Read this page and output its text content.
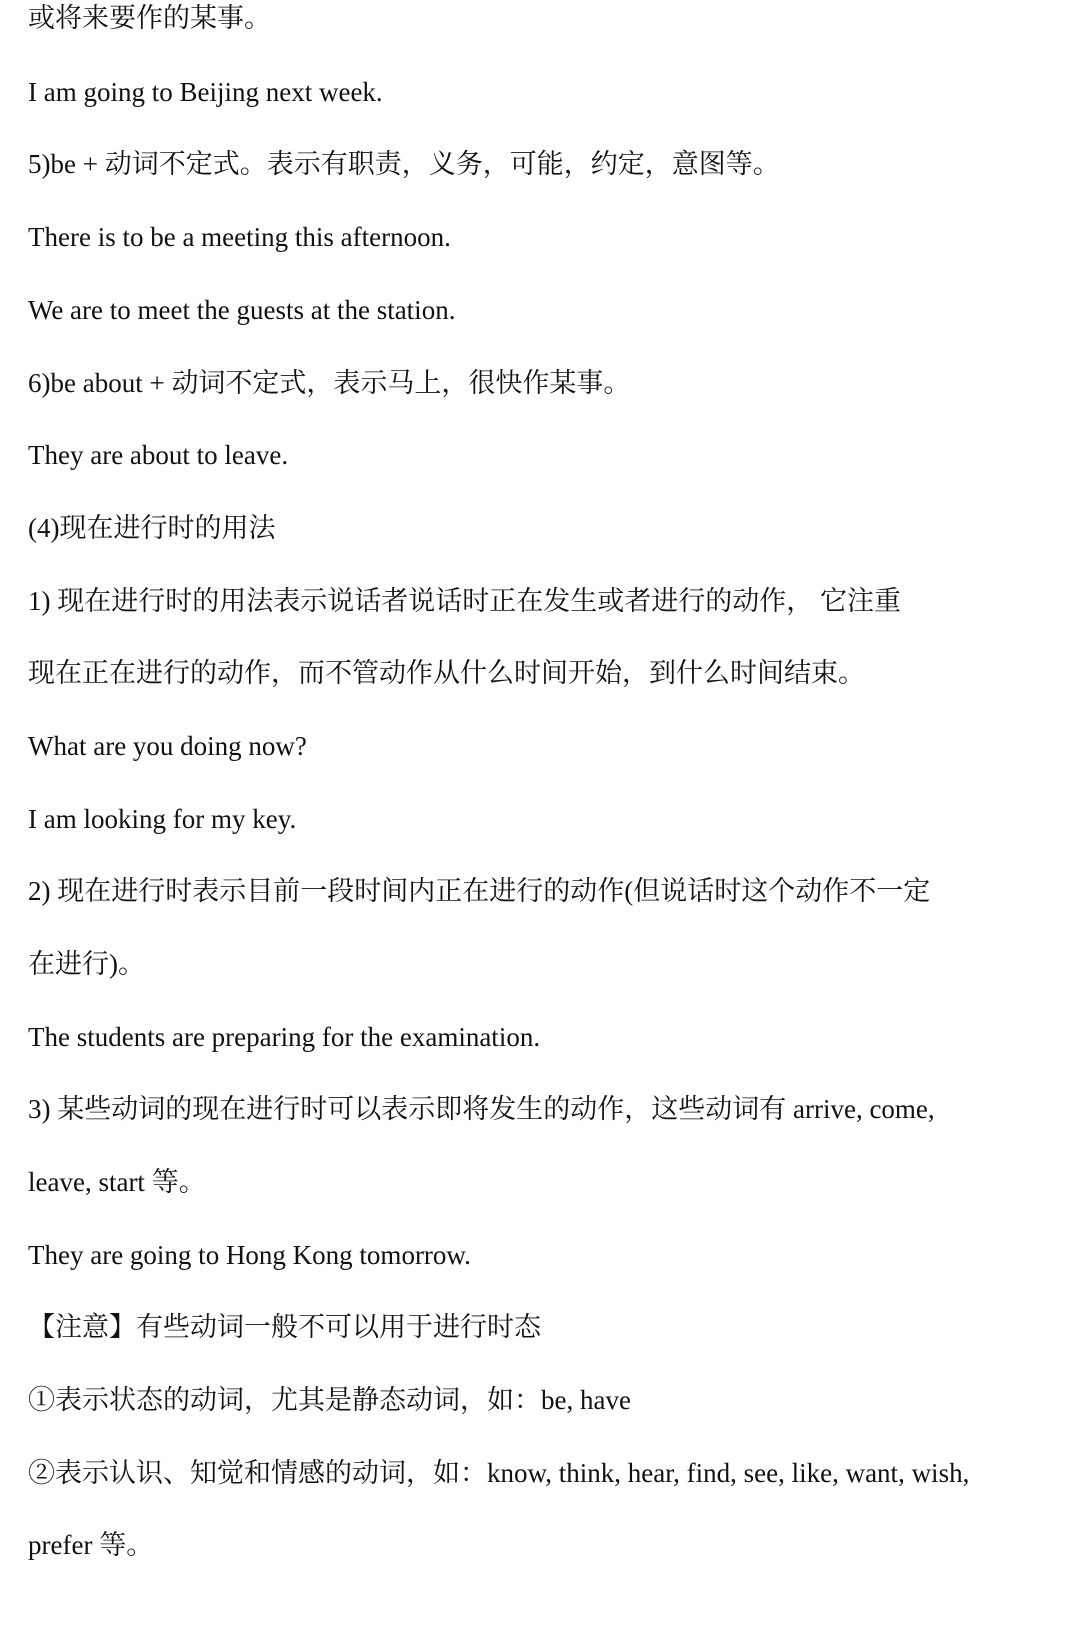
或将来要作的某事。

I am going to Beijing next week.

5)be + 动词不定式。表示有职责，义务，可能，约定，意图等。

There is to be a meeting this afternoon.

We are to meet the guests at the station.

6)be about + 动词不定式，表示马上，很快作某事。

They are about to leave.

(4)现在进行时的用法

1) 现在进行时的用法表示说话者说话时正在发生或者进行的动作， 它注重

现在正在进行的动作，而不管动作从什么时间开始，到什么时间结束。

What are you doing now?

I am looking for my key.

2) 现在进行时表示目前一段时间内正在进行的动作(但说话时这个动作不一定

在进行)。

The students are preparing for the examination.

3) 某些动词的现在进行时可以表示即将发生的动作，这些动词有 arrive, come,

leave, start 等。

They are going to Hong Kong tomorrow.

【注意】有些动词一般不可以用于进行时态

①表示状态的动词，尤其是静态动词，如：be, have

②表示认识、知觉和情感的动词，如：know, think, hear, find, see, like, want, wish,

prefer 等。
